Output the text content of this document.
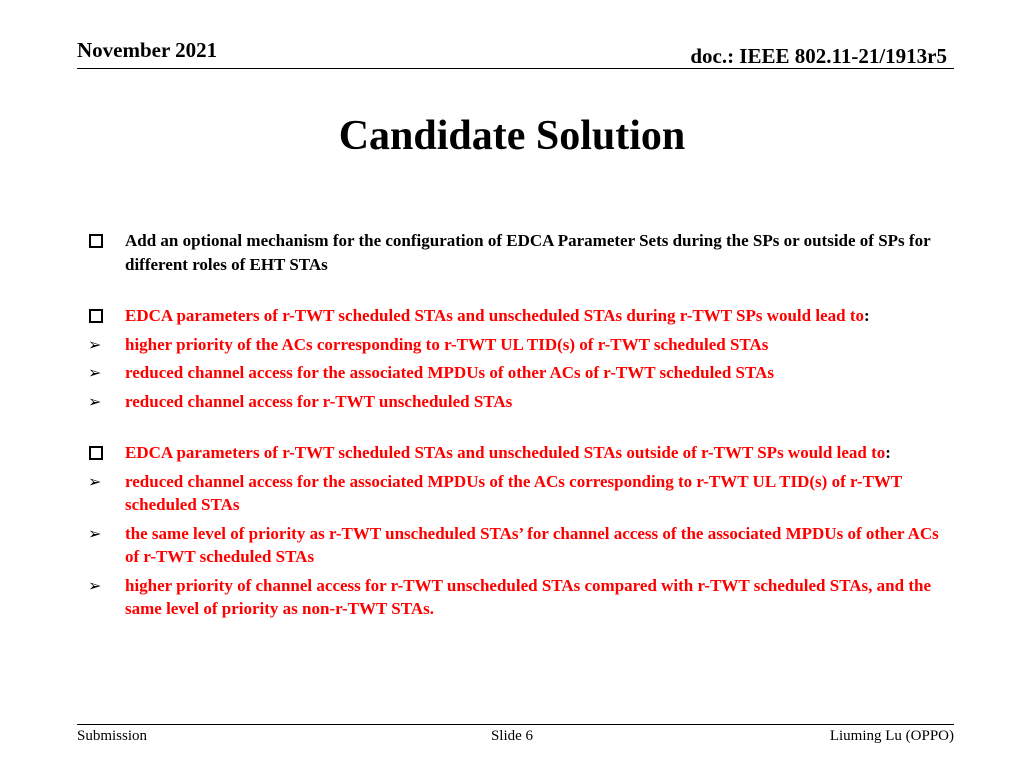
November 2021	doc.: IEEE 802.11-21/1913r5
Candidate Solution
Add an optional mechanism for the configuration of EDCA Parameter Sets during the SPs or outside of SPs for different roles of EHT STAs
EDCA parameters of r-TWT scheduled STAs and unscheduled STAs during r-TWT SPs would lead to:
➢ higher priority of the ACs corresponding to r-TWT UL TID(s) of r-TWT scheduled STAs
➢ reduced channel access for the associated MPDUs of other ACs of r-TWT scheduled STAs
➢ reduced channel access for r-TWT unscheduled STAs
EDCA parameters of r-TWT scheduled STAs and unscheduled STAs outside of r-TWT SPs would lead to:
➢ reduced channel access for the associated MPDUs of the ACs corresponding to r-TWT UL TID(s) of r-TWT scheduled STAs
➢ the same level of priority as r-TWT unscheduled STAs’ for channel access of the associated MPDUs of other ACs of r-TWT scheduled STAs
➢ higher priority of channel access for r-TWT unscheduled STAs compared with r-TWT scheduled STAs, and the same level of priority as non-r-TWT STAs.
Submission	Slide 6	Liuming Lu (OPPO)
